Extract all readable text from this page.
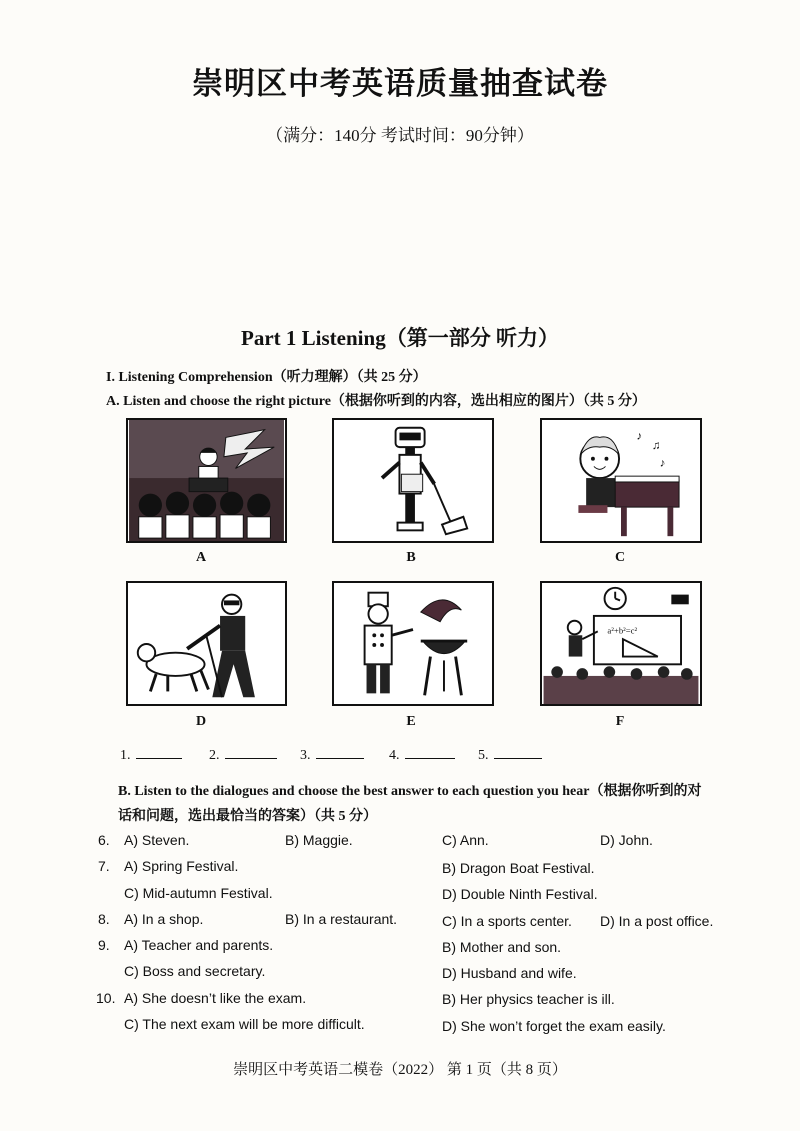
崇明区中考英语质量抽查试卷
（满分：140分 考试时间：90分钟）
Part 1 Listening（第一部分 听力）
I. Listening Comprehension（听力理解）（共 25 分）
A. Listen and choose the right picture（根据你听到的内容，选出相应的图片）（共 5 分）
A	B
♪
♫
♪
C
D	E
a²+b²=c²
F
1.	2.	3.	4.	5.
B. Listen to the dialogues and choose the best answer to each question you hear（根据你听到的对
话和问题，选出最恰当的答案）（共 5 分）
6. A) Steven.	B) Maggie.	C) Ann.	D) John.
7. A) Spring Festival.	B) Dragon Boat Festival.
C) Mid-autumn Festival.	D) Double Ninth Festival.
8. A) In a shop.	B) In a restaurant.	C) In a sports center. D) In a post office.
9. A) Teacher and parents.	B) Mother and son.
C) Boss and secretary.	D) Husband and wife.
10. A) She doesn’t like the exam.	B) Her physics teacher is ill.
C) The next exam will be more difficult.	D) She won’t forget the exam easily.
崇明区中考英语二模卷（2022） 第 1 页（共 8 页）
